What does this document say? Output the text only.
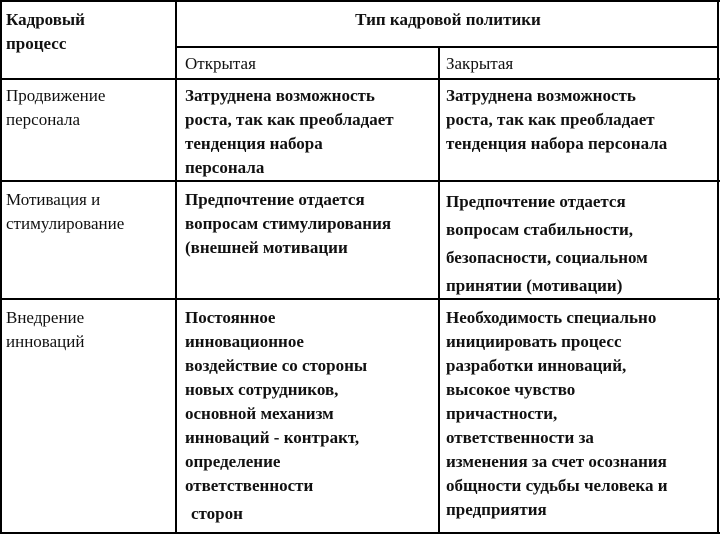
Кадровый
процесс
Тип кадровой политики
Открытая	Закрытая
Продвижение
персонала
Затруднена возможность
роста, так как преобладает
тенденция набора
персонала
Затруднена возможность
роста, так как преобладает
тенденция набора персонала
Мотивация и
стимулирование
Предпочтение отдается
вопросам стимулирования
(внешней мотивации
Предпочтение отдается
вопросам стабильности,
безопасности, социальном
принятии (мотивации)
Внедрение
инноваций
Постоянное
инновационное
воздействие со стороны
новых сотрудников,
основной механизм
инноваций - контракт,
определение
ответственности
сторон
Необходимость специально
инициировать процесс
разработки инноваций,
высокое чувство
причастности,
ответственности за
изменения за счет осознания
общности судьбы человека и
предприятия
